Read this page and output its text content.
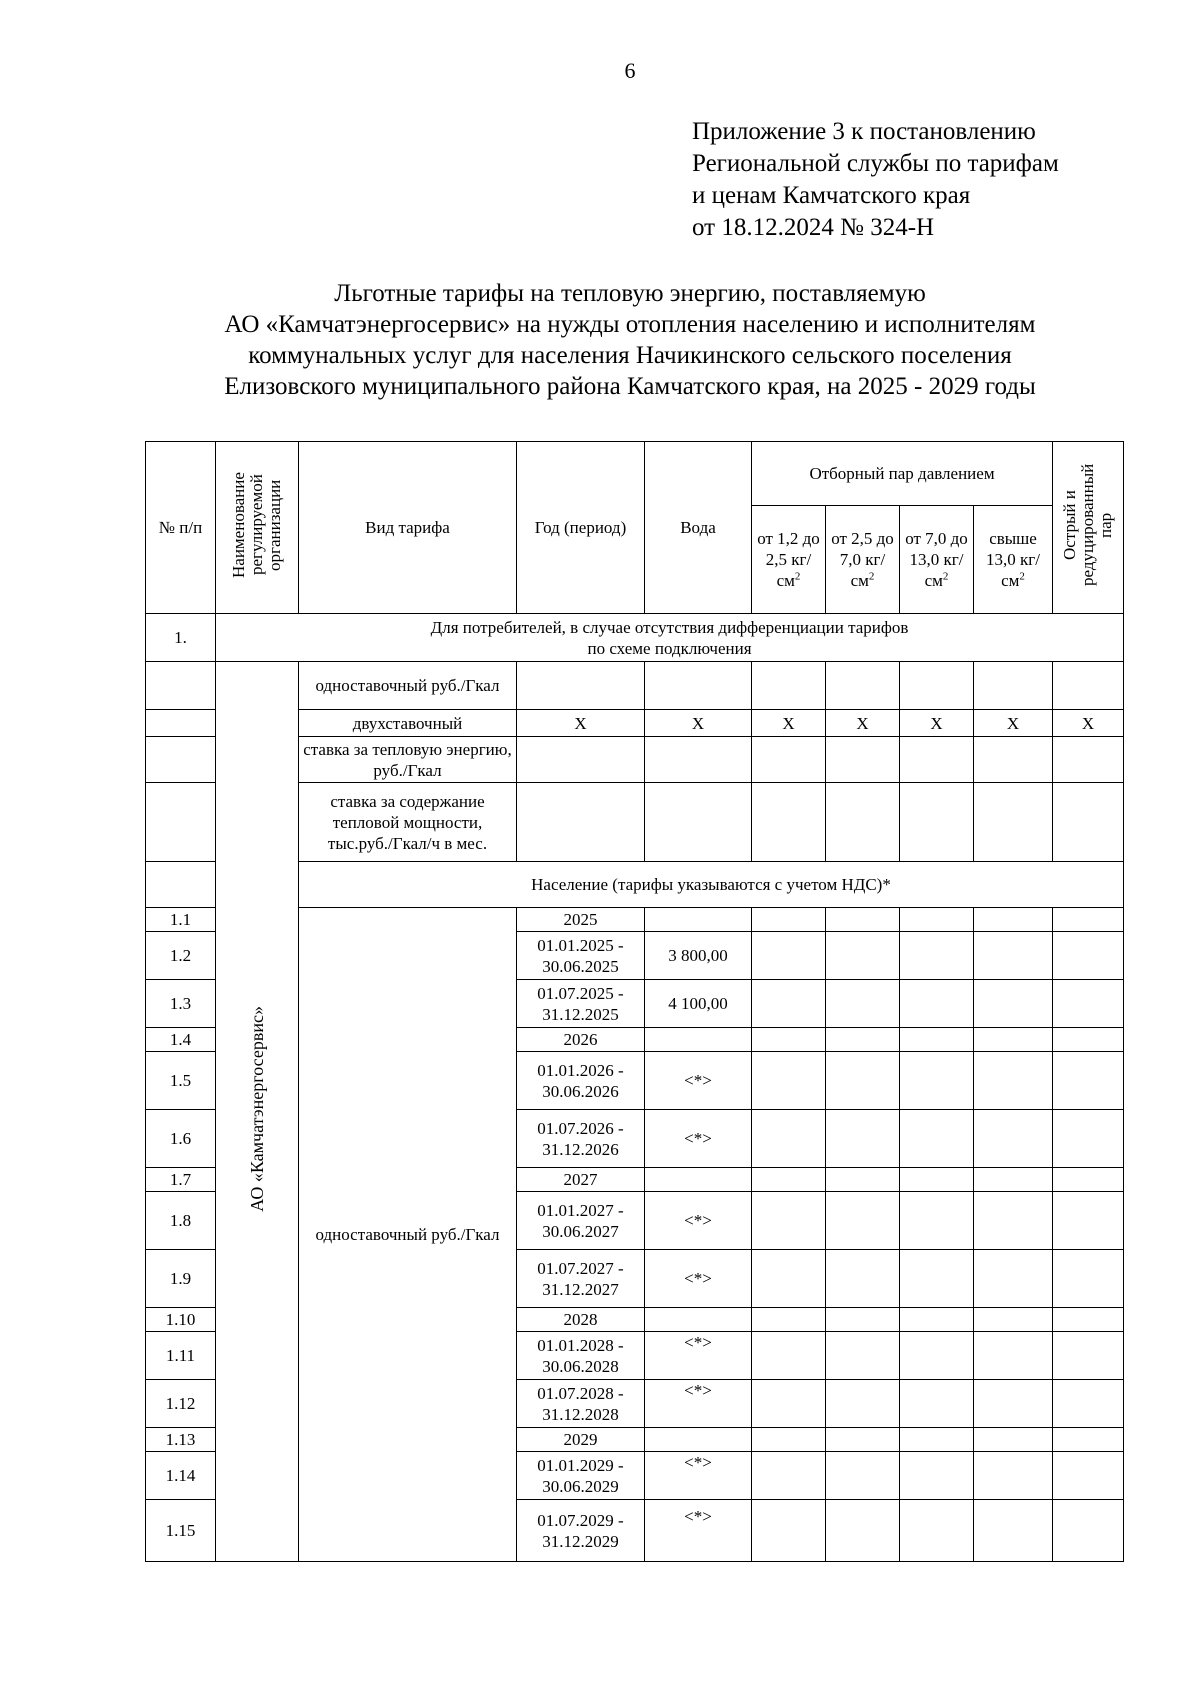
6
Приложение 3 к постановлению
Региональной службы по тарифам
и ценам Камчатского края
от 18.12.2024 № 324-Н
Льготные тарифы на тепловую энергию, поставляемую
АО «Камчатэнергосервис» на нужды отопления населению и исполнителям
коммунальных услуг для населения Начикинского сельского поселения
Елизовского муниципального района Камчатского края, на 2025 - 2029 годы
№ п/п	Наименование регулируемой организации	Вид тарифа	Год (период)	Вода	Отборный пар давлением				Острый и редуцированный пар
					от 1,2 до 2,5 $кг/см^2$	от 2,5 до 7,0 $кг/см^2$	от 7,0 до 13,0 $кг/см^2$	свыше 13,0 $кг/см^2$
1.	Для потребителей, в случае отсутствия дифференциации тарифов
по схеме подключения								

	АО «Камчатэнергосервис»	одноставочный руб./Гкал							
		двухставочный	X	X	X	X	X	X	X
		ставка за тепловую энергию, руб./Гкал							
		ставка за содержание тепловой мощности, тыс.руб./Гкал/ч в мес.							
		Население (тарифы указываются с учетом НДС)*							
1.1		одноставочный руб./Гкал	2025						
1.2			01.01.2025 - 30.06.2025	3 800,00					
1.3			01.07.2025 - 31.12.2025	4 100,00					
1.4			2026						
1.5			01.01.2026 - 30.06.2026	<*>					
1.6			01.07.2026 - 31.12.2026	<*>					
1.7			2027						
1.8			01.01.2027 - 30.06.2027	<*>					
1.9			01.07.2027 - 31.12.2027	<*>					
1.10			2028						
1.11			01.01.2028 - 30.06.2028	<*>					
1.12			01.07.2028 - 31.12.2028	<*>					
1.13			2029						
1.14			01.01.2029 - 30.06.2029	<*>					
1.15			01.07.2029 - 31.12.2029	<*>					
